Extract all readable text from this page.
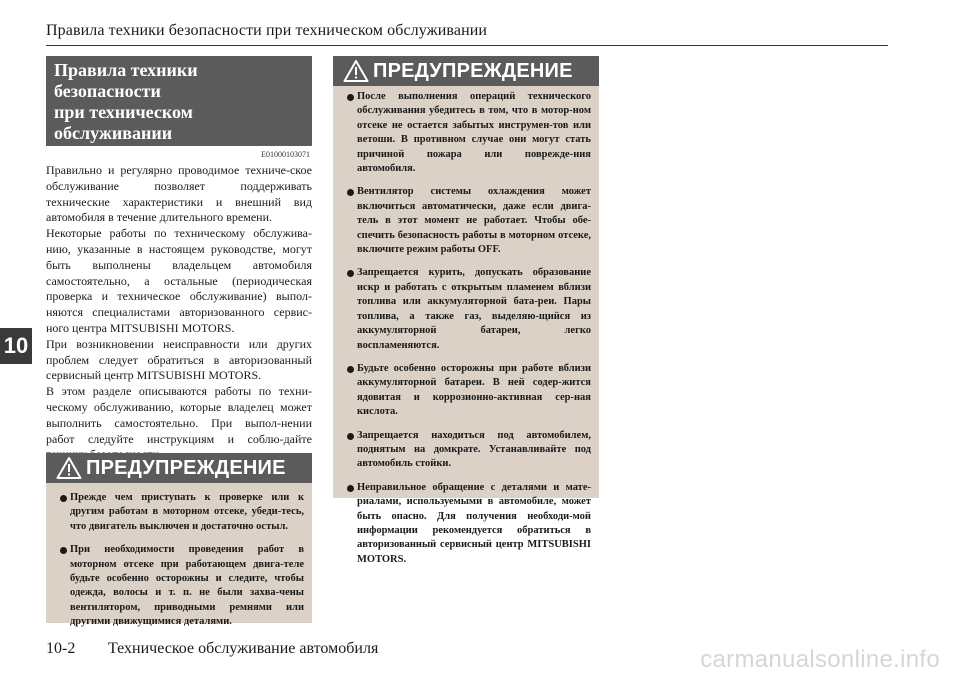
Правила техники безопасности при техническом обслуживании
10
Правила техники
безопасности
при техническом
обслуживании
E01000103071

Правильно и регулярно проводимое техниче-ское обслуживание позволяет поддерживать технические характеристики и внешний вид автомобиля в течение длительного времени.

Некоторые работы по техническому обслужива-нию, указанные в настоящем руководстве, могут быть выполнены владельцем автомобиля самостоятельно, а остальные (периодическая проверка и техническое обслуживание) выпол-няются специалистами авторизованного сервис-ного центра MITSUBISHI MOTORS.

При возникновении неисправности или других проблем следует обратиться в авторизованный сервисный центр MITSUBISHI MOTORS.

В этом разделе описываются работы по техни-ческому обслуживанию, которые владелец может выполнить самостоятельно. При выпол-нении работ следуйте инструкциям и соблю-дайте

ПРЕДУПРЕЖДЕНИЕ
Прежде чем приступать к проверке или к другим работам в моторном отсеке, убеди-тесь, что двигатель выключен и достаточно остыл.
При необходимости проведения работ в моторном отсеке при работающем двига-теле будьте особенно осторожны и следите, чтобы одежда, волосы и т. п. не были захва-чены вентилятором, приводными ремнями или другими движущимися деталями.
ПРЕДУПРЕЖДЕНИЕ
После выполнения операций технического обслуживания убедитесь в том, что в мотор-ном отсеке не остается забытых инструмен-тов или ветоши. В противном случае они могут стать причиной пожара или поврежде-ния автомобиля.
Вентилятор системы охлаждения может включиться автоматически, даже если двига-тель в этот момент не работает. Чтобы обе-спечить безопасность работы в моторном отсеке, включите режим работы OFF.
Запрещается курить, допускать образование искр и работать с открытым пламенем вблизи топлива или аккумуляторной бата-реи. Пары топлива, а также газ, выделяю-щийся из аккумуляторной батареи, легко воспламеняются.
Будьте особенно осторожны при работе вблизи аккумуляторной батареи. В ней содер-жится ядовитая и коррозионно-активная сер-ная кислота.
Запрещается находиться под автомобилем, поднятым на домкрате. Устанавливайте под автомобиль стойки.
Неправильное обращение с деталями и мате-риалами, используемыми в автомобиле, может быть опасно. Для получения необходи-мой информации рекомендуется обратиться в авторизованный сервисный центр MITSUBISHI MOTORS.
10-2 Техническое обслуживание автомобиля	carmanualsonline.info
